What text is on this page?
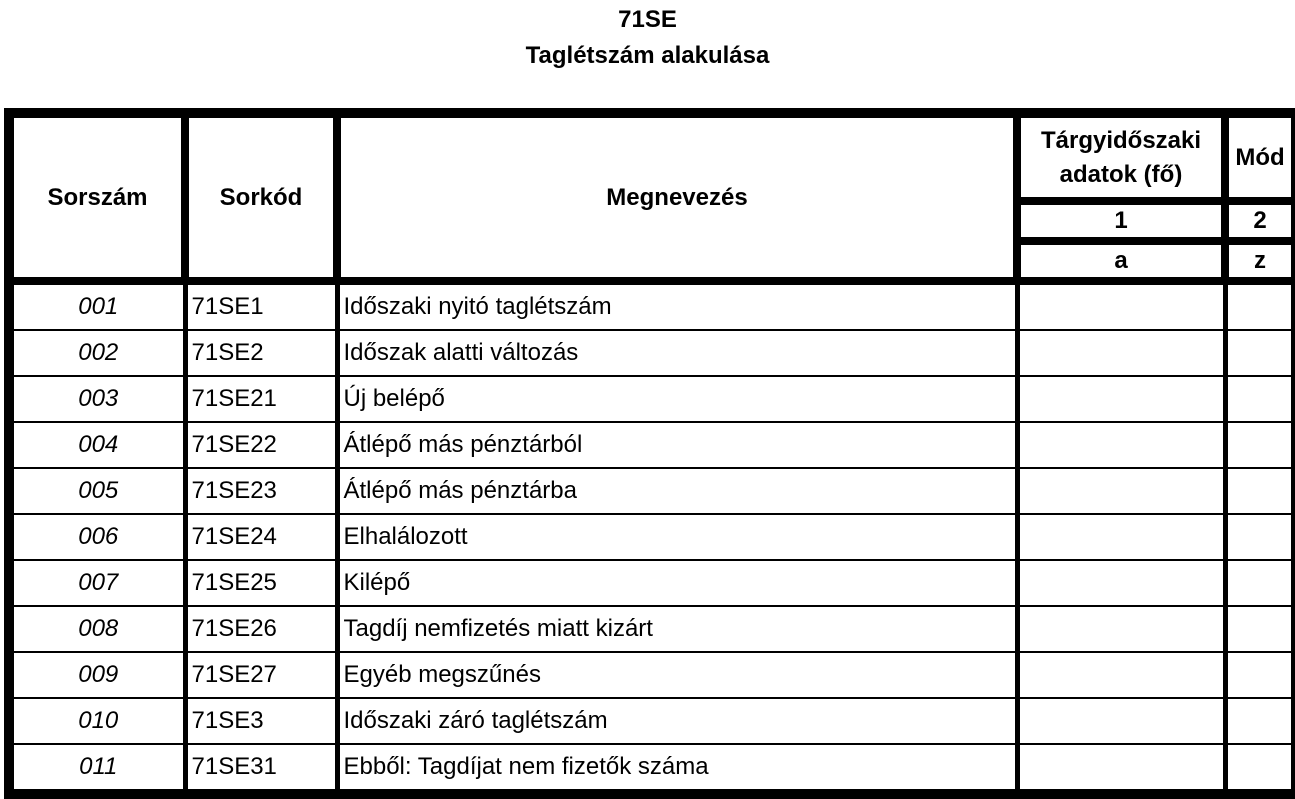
71SE
Taglétszám alakulása
Sorszám	Sorkód	Megnevezés	Tárgyidőszaki adatok (fő)	Mód
			1	2
			a	z
001	71SE1	Időszaki nyitó taglétszám		
002	71SE2	Időszak alatti változás		
003	71SE21	Új belépő		
004	71SE22	Átlépő más pénztárból		
005	71SE23	Átlépő más pénztárba		
006	71SE24	Elhalálozott		
007	71SE25	Kilépő		
008	71SE26	Tagdíj nemfizetés miatt kizárt		
009	71SE27	Egyéb megszűnés		
010	71SE3	Időszaki záró taglétszám		
011	71SE31	Ebből: Tagdíjat nem fizetők száma		
